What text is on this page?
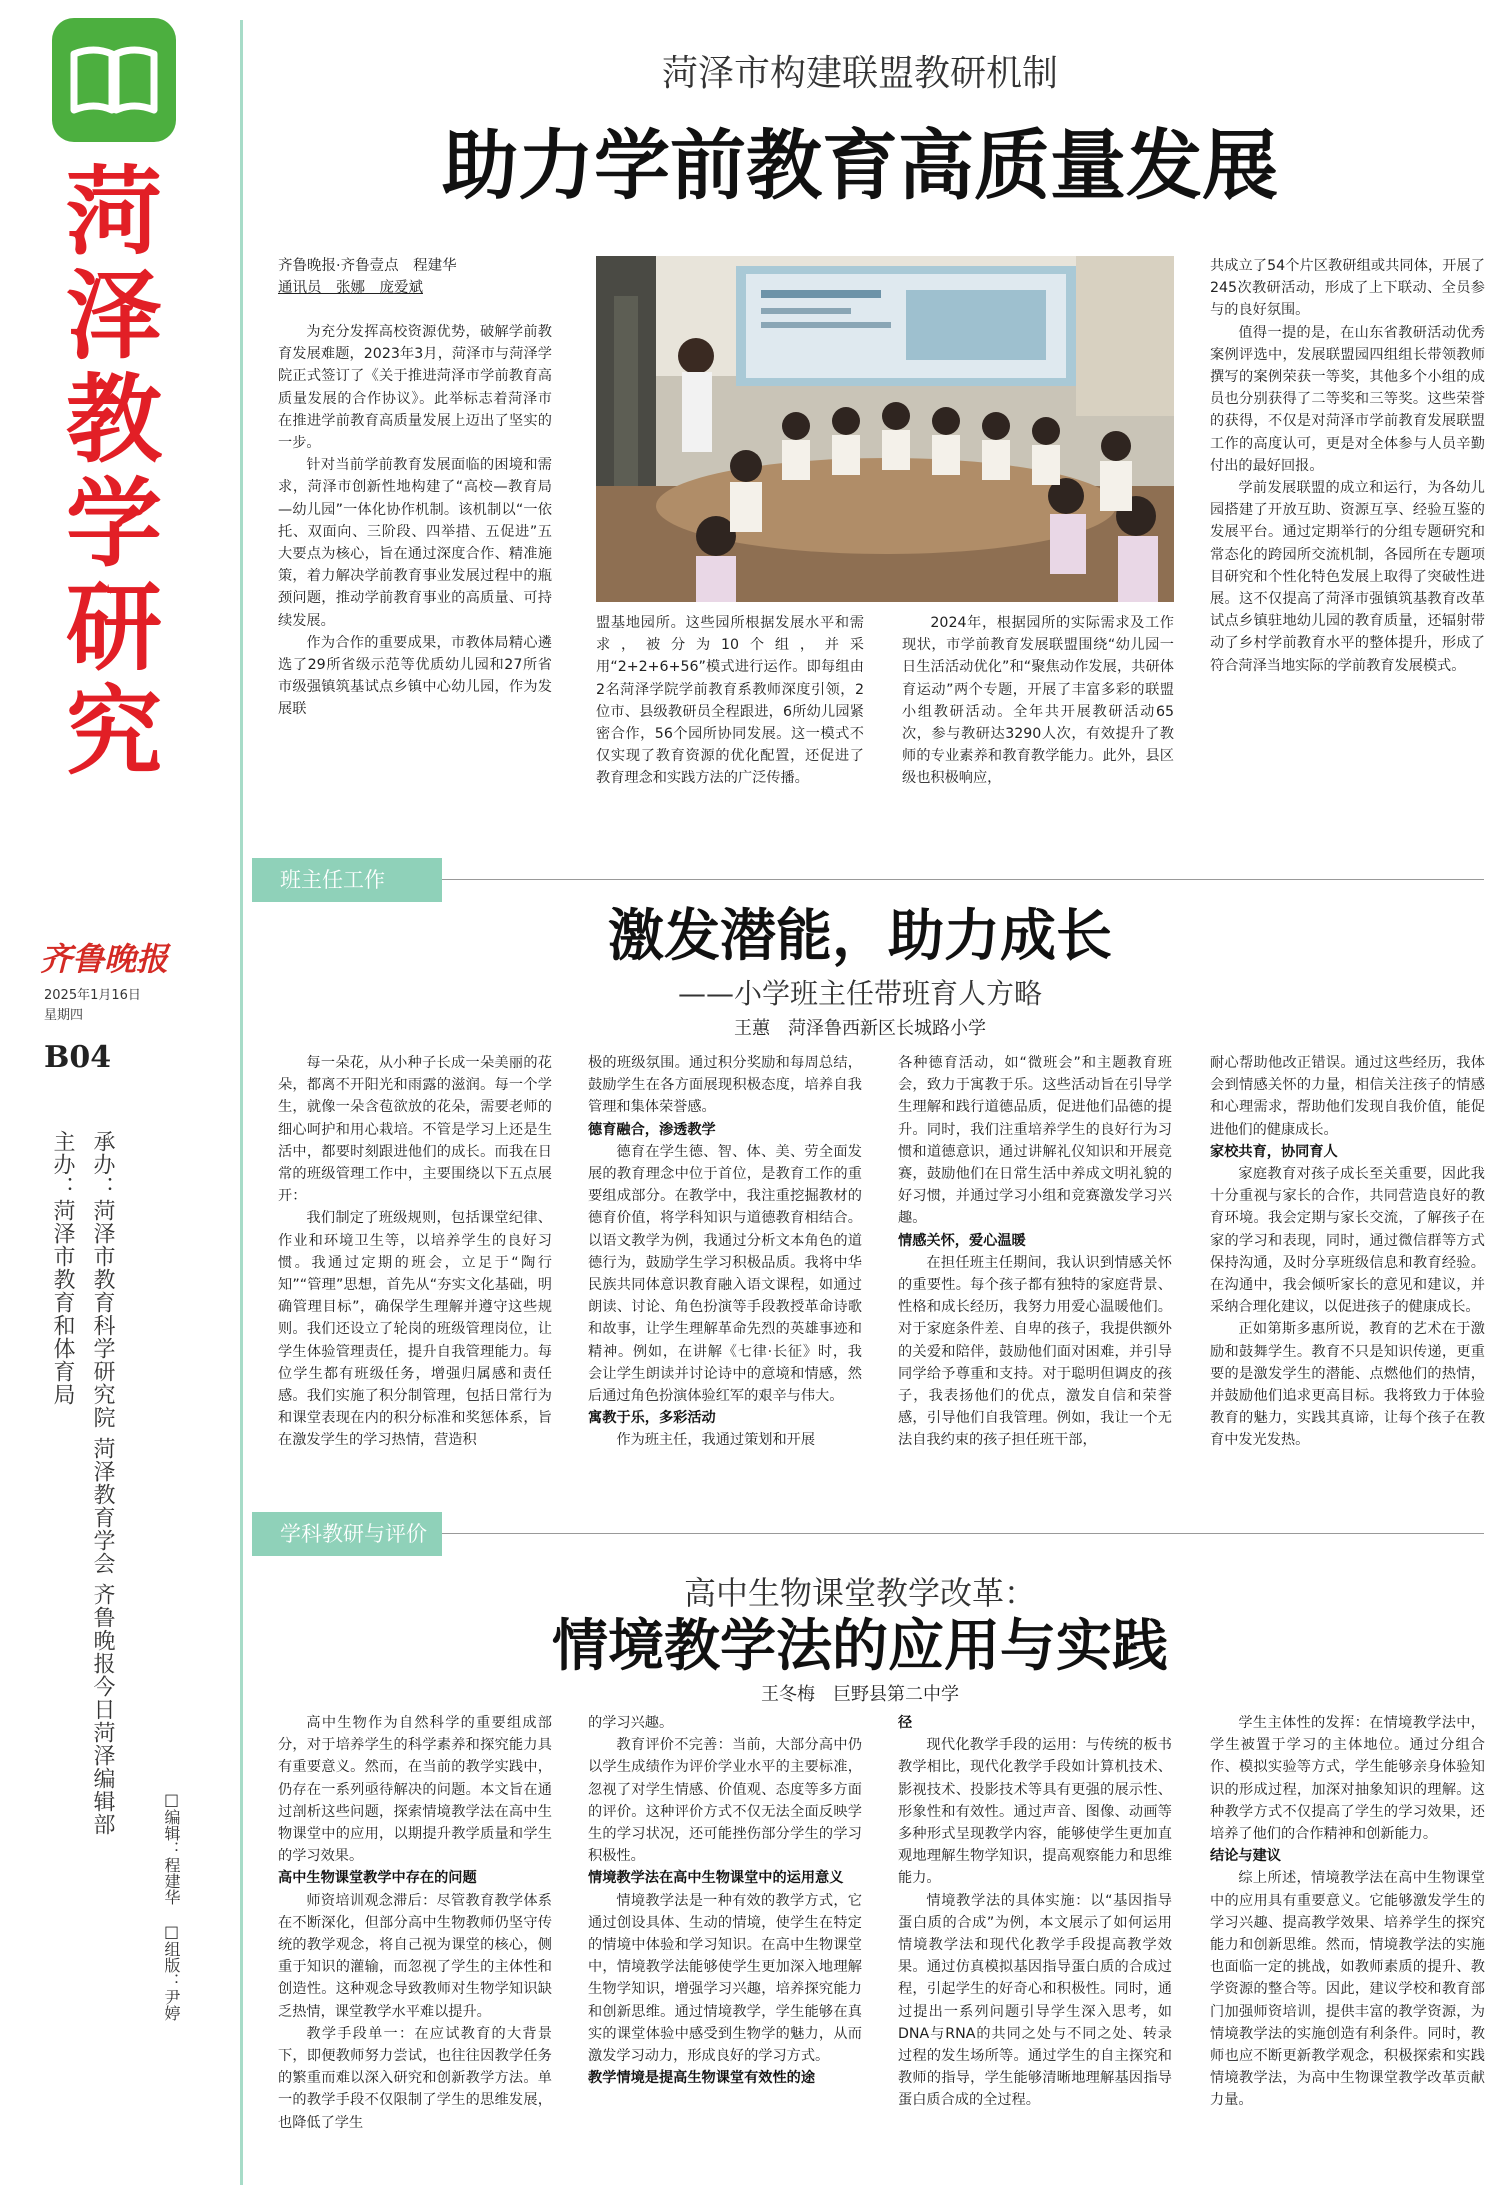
菏
泽
教
学
研
究
齐鲁晚报
2025年1月16日
星期四
B04
承办：菏泽市教育科学研究院 菏泽教育学会 齐鲁晚报今日菏泽编辑部
主办：菏泽市教育和体育局
□编辑：程建华
□组版：尹婷
菏泽市构建联盟教研机制
助力学前教育高质量发展

齐鲁晚报·齐鲁壹点　程建华

通讯员　张娜　庞爱斌

为充分发挥高校资源优势，破解学前教育发展难题，2023年3月，菏泽市与菏泽学院正式签订了《关于推进菏泽市学前教育高质量发展的合作协议》。此举标志着菏泽市在推进学前教育高质量发展上迈出了坚实的一步。

针对当前学前教育发展面临的困境和需求，菏泽市创新性地构建了“高校—教育局—幼儿园”一体化协作机制。该机制以“一依托、双面向、三阶段、四举措、五促进”五大要点为核心，旨在通过深度合作、精准施策，着力解决学前教育事业发展过程中的瓶颈问题，推动学前教育事业的高质量、可持续发展。

作为合作的重要成果，市教体局精心遴选了29所省级示范等优质幼儿园和27所省市级强镇筑基试点乡镇中心幼儿园，作为发展联

盟基地园所。这些园所根据发展水平和需求，被分为10个组，并采用“2+2+6+56”模式进行运作。即每组由2名菏泽学院学前教育系教师深度引领，2位市、县级教研员全程跟进，6所幼儿园紧密合作，56个园所协同发展。这一模式不仅实现了教育资源的优化配置，还促进了教育理念和实践方法的广泛传播。

2024年，根据园所的实际需求及工作现状，市学前教育发展联盟围绕“幼儿园一日生活活动优化”和“聚焦动作发展，共研体育运动”两个专题，开展了丰富多彩的联盟小组教研活动。全年共开展教研活动65次，参与教研达3290人次，有效提升了教师的专业素养和教育教学能力。此外，县区级也积极响应，

共成立了54个片区教研组或共同体，开展了245次教研活动，形成了上下联动、全员参与的良好氛围。

值得一提的是，在山东省教研活动优秀案例评选中，发展联盟园四组组长带领教师撰写的案例荣获一等奖，其他多个小组的成员也分别获得了二等奖和三等奖。这些荣誉的获得，不仅是对菏泽市学前教育发展联盟工作的高度认可，更是对全体参与人员辛勤付出的最好回报。

学前发展联盟的成立和运行，为各幼儿园搭建了开放互助、资源互享、经验互鉴的发展平台。通过定期举行的分组专题研究和常态化的跨园所交流机制，各园所在专题项目研究和个性化特色发展上取得了突破性进展。这不仅提高了菏泽市强镇筑基教育改革试点乡镇驻地幼儿园的教育质量，还辐射带动了乡村学前教育水平的整体提升，形成了符合菏泽当地实际的学前教育发展模式。

班主任工作
激发潜能，助力成长
——小学班主任带班育人方略
王蕙　菏泽鲁西新区长城路小学

每一朵花，从小种子长成一朵美丽的花朵，都离不开阳光和雨露的滋润。每一个学生，就像一朵含苞欲放的花朵，需要老师的细心呵护和用心栽培。不管是学习上还是生活中，都要时刻跟进他们的成长。而我在日常的班级管理工作中，主要围绕以下五点展开：

我们制定了班级规则，包括课堂纪律、作业和环境卫生等，以培养学生的良好习惯。我通过定期的班会，立足于“陶行知”“管理”思想，首先从“夯实文化基础，明确管理目标”，确保学生理解并遵守这些规则。我们还设立了轮岗的班级管理岗位，让学生体验管理责任，提升自我管理能力。每位学生都有班级任务，增强归属感和责任感。我们实施了积分制管理，包括日常行为和课堂表现在内的积分标准和奖惩体系，旨在激发学生的学习热情，营造积

极的班级氛围。通过积分奖励和每周总结，鼓励学生在各方面展现积极态度，培养自我管理和集体荣誉感。

德育融合，渗透教学

德育在学生德、智、体、美、劳全面发展的教育理念中位于首位，是教育工作的重要组成部分。在教学中，我注重挖掘教材的德育价值，将学科知识与道德教育相结合。以语文教学为例，我通过分析文本角色的道德行为，鼓励学生学习积极品质。我将中华民族共同体意识教育融入语文课程，如通过朗读、讨论、角色扮演等手段教授革命诗歌和故事，让学生理解革命先烈的英雄事迹和精神。例如，在讲解《七律·长征》时，我会让学生朗读并讨论诗中的意境和情感，然后通过角色扮演体验红军的艰辛与伟大。

寓教于乐，多彩活动

作为班主任，我通过策划和开展

各种德育活动，如“微班会”和主题教育班会，致力于寓教于乐。这些活动旨在引导学生理解和践行道德品质，促进他们品德的提升。同时，我们注重培养学生的良好行为习惯和道德意识，通过讲解礼仪知识和开展竞赛，鼓励他们在日常生活中养成文明礼貌的好习惯，并通过学习小组和竞赛激发学习兴趣。

情感关怀，爱心温暖

在担任班主任期间，我认识到情感关怀的重要性。每个孩子都有独特的家庭背景、性格和成长经历，我努力用爱心温暖他们。对于家庭条件差、自卑的孩子，我提供额外的关爱和陪伴，鼓励他们面对困难，并引导同学给予尊重和支持。对于聪明但调皮的孩子，我表扬他们的优点，激发自信和荣誉感，引导他们自我管理。例如，我让一个无法自我约束的孩子担任班干部，

耐心帮助他改正错误。通过这些经历，我体会到情感关怀的力量，相信关注孩子的情感和心理需求，帮助他们发现自我价值，能促进他们的健康成长。

家校共育，协同育人

家庭教育对孩子成长至关重要，因此我十分重视与家长的合作，共同营造良好的教育环境。我会定期与家长交流，了解孩子在家的学习和表现，同时，通过微信群等方式保持沟通，及时分享班级信息和教育经验。在沟通中，我会倾听家长的意见和建议，并采纳合理化建议，以促进孩子的健康成长。

正如第斯多惠所说，教育的艺术在于激励和鼓舞学生。教育不只是知识传递，更重要的是激发学生的潜能、点燃他们的热情，并鼓励他们追求更高目标。我将致力于体验教育的魅力，实践其真谛，让每个孩子在教育中发光发热。

学科教研与评价
高中生物课堂教学改革：
情境教学法的应用与实践
王冬梅　巨野县第二中学

高中生物作为自然科学的重要组成部分，对于培养学生的科学素养和探究能力具有重要意义。然而，在当前的教学实践中，仍存在一系列亟待解决的问题。本文旨在通过剖析这些问题，探索情境教学法在高中生物课堂中的应用，以期提升教学质量和学生的学习效果。

高中生物课堂教学中存在的问题

师资培训观念滞后：尽管教育教学体系在不断深化，但部分高中生物教师仍坚守传统的教学观念，将自己视为课堂的核心，侧重于知识的灌输，而忽视了学生的主体性和创造性。这种观念导致教师对生物学知识缺乏热情，课堂教学水平难以提升。

教学手段单一：在应试教育的大背景下，即便教师努力尝试，也往往因教学任务的繁重而难以深入研究和创新教学方法。单一的教学手段不仅限制了学生的思维发展，也降低了学生

的学习兴趣。

教育评价不完善：当前，大部分高中仍以学生成绩作为评价学业水平的主要标准，忽视了对学生情感、价值观、态度等多方面的评价。这种评价方式不仅无法全面反映学生的学习状况，还可能挫伤部分学生的学习积极性。

情境教学法在高中生物课堂中的运用意义

情境教学法是一种有效的教学方式，它通过创设具体、生动的情境，使学生在特定的情境中体验和学习知识。在高中生物课堂中，情境教学法能够使学生更加深入地理解生物学知识，增强学习兴趣，培养探究能力和创新思维。通过情境教学，学生能够在真实的课堂体验中感受到生物学的魅力，从而激发学习动力，形成良好的学习方式。

教学情境是提高生物课堂有效性的途

径

现代化教学手段的运用：与传统的板书教学相比，现代化教学手段如计算机技术、影视技术、投影技术等具有更强的展示性、形象性和有效性。通过声音、图像、动画等多种形式呈现教学内容，能够使学生更加直观地理解生物学知识，提高观察能力和思维能力。

情境教学法的具体实施：以“基因指导蛋白质的合成”为例，本文展示了如何运用情境教学法和现代化教学手段提高教学效果。通过仿真模拟基因指导蛋白质的合成过程，引起学生的好奇心和积极性。同时，通过提出一系列问题引导学生深入思考，如DNA与RNA的共同之处与不同之处、转录过程的发生场所等。通过学生的自主探究和教师的指导，学生能够清晰地理解基因指导蛋白质合成的全过程。

学生主体性的发挥：在情境教学法中，学生被置于学习的主体地位。通过分组合作、模拟实验等方式，学生能够亲身体验知识的形成过程，加深对抽象知识的理解。这种教学方式不仅提高了学生的学习效果，还培养了他们的合作精神和创新能力。

结论与建议

综上所述，情境教学法在高中生物课堂中的应用具有重要意义。它能够激发学生的学习兴趣、提高教学效果、培养学生的探究能力和创新思维。然而，情境教学法的实施也面临一定的挑战，如教师素质的提升、教学资源的整合等。因此，建议学校和教育部门加强师资培训，提供丰富的教学资源，为情境教学法的实施创造有利条件。同时，教师也应不断更新教学观念，积极探索和实践情境教学法，为高中生物课堂教学改革贡献力量。
